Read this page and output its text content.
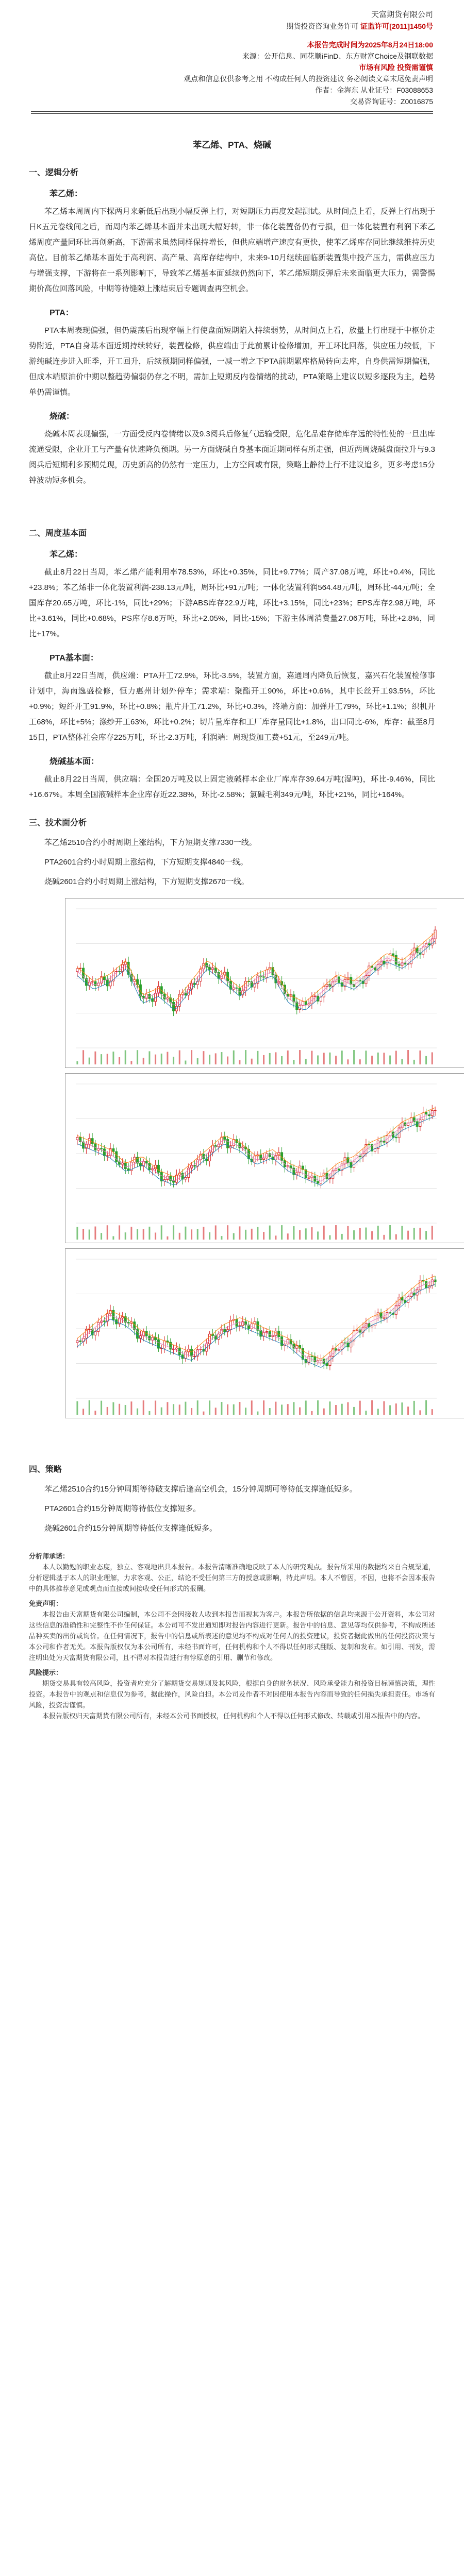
天富期货有限公司
期货投资咨询业务许可 证监许可[2011]1450号
本报告完成时间为2025年8月24日18:00
来源：公开信息、同花顺iFinD、东方财富Choice及钢联数据
市场有风险 投资需谨慎
观点和信息仅供参考之用 不构成任何人的投资建议 务必阅读文章末尾免责声明
作者：金海东 从业证号：F03088653
交易咨询证号：Z0016875
苯乙烯、PTA、烧碱
一、逻辑分析
苯乙烯：

苯乙烯本周周内下探两月来新低后出现小幅反弹上行，对短期压力再度发起测试。从时间点上看，反弹上行出现于日K五元卷线间之后，而周内苯乙烯基本面并未出现大幅好转，非一体化装置备仍有亏损，但一体化装置有利润下苯乙烯周度产量同环比再创新高，下游需求虽然同样保持增长，但供应端增产速度有更快，使苯乙烯库存同比继续维持历史高位。目前苯乙烯基本面处于高利润、高产量、高库存结构中，未来9-10月继续面临新装置集中投产压力，需供应压力与增强支撑，下游将在一系列影响下，导致苯乙烯基本面延续仍然向下，苯乙烯短期反弹后未来面临更大压力，需警惕期价高位回落风险，中期等待缝隙上涨结束后专题调查再空机会。

PTA：

PTA本周表现偏强，但仍震荡后出现窄幅上行使盘面短期陷入持续弱势，从时间点上看，放量上行出现于中枢价走势附近，PTA自身基本面近期持续转好，装置检修，供应端由于此前累计检修增加，开工环比回落，供应压力较低，下游纯碱连步进入旺季，开工回升，后续预期同样偏强，一减一增之下PTA前期累库格局转向去库，自身供需短期偏强，但成本端原油价中期以整趋势偏弱仍存之不明，需加上短期反内卷情绪的扰动，PTA策略上建议以短多逐段为主，趋势单仍需谨慎。

烧碱：

烧碱本周表现偏强，一方面受反内卷情绪以及9.3阅兵后修复气运输受限，危化品难存储库存远的特性使的一旦出库流通受限，企业开工与产量有快速降负预期。另一方面烧碱自身基本面近期同样有所走强，但近两周烧碱盘面拉升与9.3阅兵后短期利多预期兑现，历史新高的仍然有一定压力，上方空间或有限，策略上静待上行不建议追多，更多考虑15分钟波动短多机会。

二、周度基本面
苯乙烯：

截止8月22日当周，苯乙烯产能利用率78.53%，环比+0.35%，同比+9.77%；周产37.08万吨，环比+0.4%，同比+23.8%；苯乙烯非一体化装置利润-238.13元/吨，周环比+91元/吨；一体化装置利润564.48元/吨，周环比-44元/吨；全国库存20.65万吨，环比-1%，同比+29%；下游ABS库存22.9万吨，环比+3.15%，同比+23%；EPS库存2.98万吨，环比+3.61%，同比+0.68%，PS库存8.6万吨，环比+2.05%，同比-15%；下游主体周消费量27.06万吨，环比+2.8%，同比+17%。

PTA基本面：

截止8月22日当周，供应端：PTA开工72.9%，环比-3.5%，装置方面，嘉通周内降负后恢复，嘉兴石化装置检修事计划中，海南逸盛检修，恒力惠州计划外停车；需求端：聚酯开工90%，环比+0.6%，其中长丝开工93.5%，环比+0.9%；短纤开工91.9%，环比+0.8%；瓶片开工71.2%，环比+0.3%，终端方面：加弹开工79%，环比+1.1%；织机开工68%，环比+5%；涤纱开工63%，环比+0.2%；切片量库存和工厂库存量同比+1.8%，出口同比-6%，库存：截至8月15日，PTA整体社会库存225万吨，环比-2.3万吨，利润端：周现货加工费+51元，至249元/吨。

烧碱基本面：

截止8月22日当周，供应端：全国20万吨及以上固定液碱样本企业厂库库存39.64万吨(湿吨)，环比-9.46%，同比+16.67%。本周全国液碱样本企业库存近22.38%，环比-2.58%；氯碱毛利349元/吨，环比+21%，同比+164%。

三、技术面分析

苯乙烯2510合约小时周期上涨结构，下方短期支撑7330一线。

PTA2601合约小时周期上涨结构，下方短期支撑4840一线。

烧碱2601合约小时周期上涨结构，下方短期支撑2670一线。

四、策略

苯乙烯2510合约15分钟周期等待破支撑后逢高空机会，15分钟周期可等待低支撑逢低短多。

PTA2601合约15分钟周期等待低位支撑短多。

烧碱2601合约15分钟周期等待低位支撑逢低短多。

分析师承诺：

本人以勤勉的职业态度，独立、客观地出具本报告。本报告清晰准确地反映了本人的研究观点。报告所采用的数据均来自合规渠道，分析逻辑基于本人的职业理解，力求客观、公正，结论不受任何第三方的授意或影响，特此声明。本人不曾因，不因，也将不会因本报告中的具体推荐意见或观点而直接或间接收受任何形式的报酬。

免责声明：

本报告由天富期货有限公司编制，本公司不会因接收人收到本报告而视其为客户。本报告所依据的信息均来源于公开资料，本公司对这些信息的准确性和完整性不作任何保证。本公司可不发出通知即对报告内容进行更新。报告中的信息、意见等均仅供参考，不构成所述品种买卖的出价或询价。在任何情况下，报告中的信息或所表述的意见均不构成对任何人的投资建议，投资者据此做出的任何投资决策与本公司和作者无关。本报告版权仅为本公司所有，未经书面许可，任何机构和个人不得以任何形式翻版、复制和发布。如引用、刊发，需注明出处为天富期货有限公司，且不得对本报告进行有悖原意的引用、删节和修改。

风险提示：

期货交易具有较高风险，投资者应充分了解期货交易规则及其风险，根据自身的财务状况、风险承受能力和投资目标谨慎决策，理性投资。本报告中的观点和信息仅为参考，据此操作，风险自担。本公司及作者不对因使用本报告内容而导致的任何损失承担责任。市场有风险，投资需谨慎。

本报告版权归天富期货有限公司所有，未经本公司书面授权，任何机构和个人不得以任何形式修改、转载或引用本报告中的内容。
